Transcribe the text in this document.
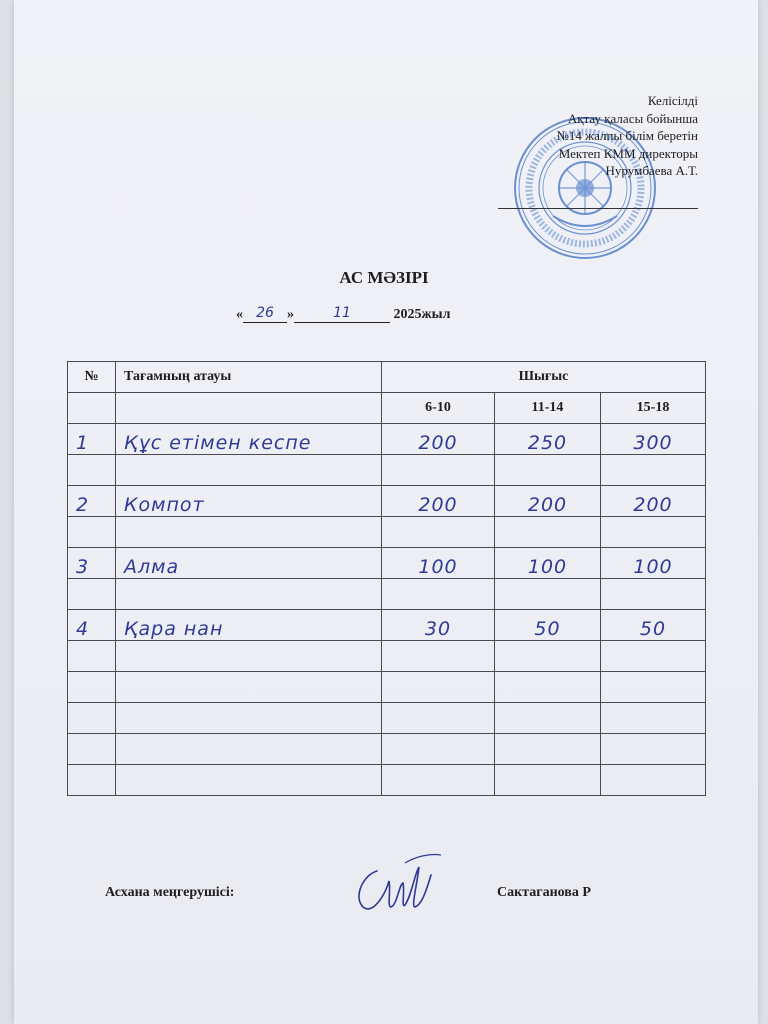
Келісілді
Ақтау қаласы бойынша
№14 жалпы білім беретін
Мектеп КММ директоры
Нурумбаева А.Т.
АС МӘЗІРІ
« 26 »	11	2025жыл
№	Тағамның атауы	Шығыс		
		6-10	11-14	15-18
1	Құс етімен кеспе	200	250	300

2	Компот	200	200	200

3	Алма	100	100	100

4	Қара нан	30	50	50

Асхана меңгерушісі:	Сактаганова Р
